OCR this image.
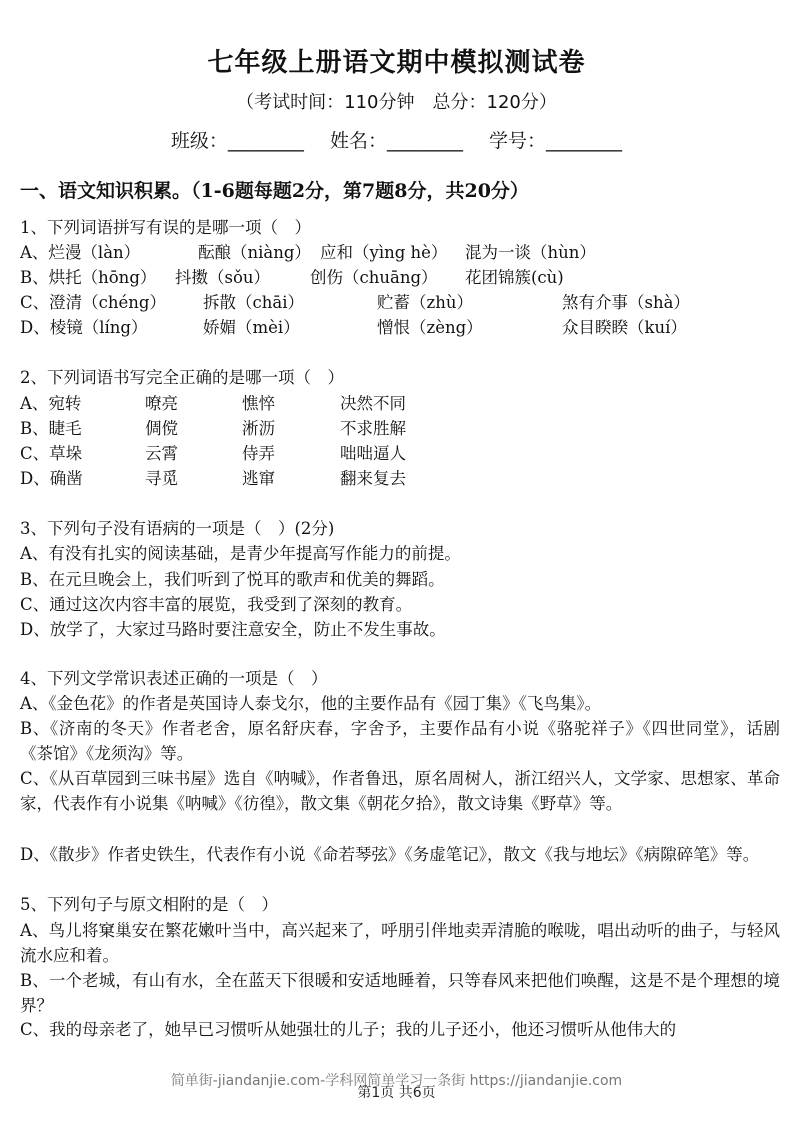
七年级上册语文期中模拟测试卷
（考试时间：110分钟　总分：120分）
班级：________ 姓名：________ 学号：________
一、语文知识积累。（1-6题每题2分，第7题8分，共20分）
1、下列词语拼写有误的是哪一项（　）
A、烂漫（làn）	酝酿（niàng） 应和（yìng hè） 混为一谈（hùn）
B、烘托（hōng） 抖擞（sǒu） 创伤（chuāng） 花团锦簇(cù)
C、澄清（chéng） 拆散（chāi）	贮蓄（zhù）	煞有介事（shà）
D、棱镜（líng）	娇媚（mèi）	憎恨（zèng）	众目睽睽（kuí）
2、下列词语书写完全正确的是哪一项（　）
A、宛转	嘹亮	憔悴	决然不同
B、睫毛	倜傥	淅沥	不求胜解
C、草垛	云霄	侍弄	咄咄逼人
D、确凿	寻觅	逃窜	翻来复去
3、下列句子没有语病的一项是（　）(2分)
A、有没有扎实的阅读基础，是青少年提高写作能力的前提。
B、在元旦晚会上，我们听到了悦耳的歌声和优美的舞蹈。
C、通过这次内容丰富的展览，我受到了深刻的教育。
D、放学了，大家过马路时要注意安全，防止不发生事故。
4、下列文学常识表述正确的一项是（　）
A、《金色花》的作者是英国诗人泰戈尔，他的主要作品有《园丁集》《飞鸟集》。
B、《济南的冬天》作者老舍，原名舒庆春，字舍予，主要作品有小说《骆驼祥子》《四世同堂》，话剧《茶馆》《龙须沟》等。
C、《从百草园到三味书屋》选自《呐喊》，作者鲁迅，原名周树人，浙江绍兴人，文学家、思想家、革命家，代表作有小说集《呐喊》《彷徨》，散文集《朝花夕拾》，散文诗集《野草》等。
D、《散步》作者史铁生，代表作有小说《命若琴弦》《务虚笔记》，散文《我与地坛》《病隙碎笔》等。
5、下列句子与原文相附的是（　）
A、鸟儿将窠巢安在繁花嫩叶当中，高兴起来了，呼朋引伴地卖弄清脆的喉咙，唱出动听的曲子，与轻风流水应和着。
B、一个老城，有山有水，全在蓝天下很暖和安适地睡着，只等春风来把他们唤醒，这是不是个理想的境界？
C、我的母亲老了，她早已习惯听从她强壮的儿子；我的儿子还小，他还习惯听从他伟大的
简单街-jiandanjie.com-学科网简单学习一条街 https://jiandanjie.com
第1页 共6页
